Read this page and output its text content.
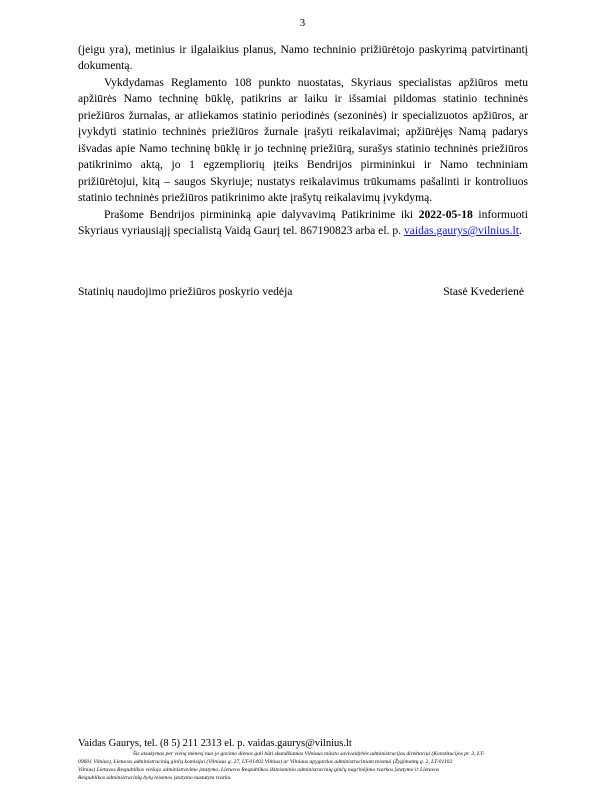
3

(jeigu yra), metinius ir ilgalaikius planus, Namo techninio prižiūrėtojo paskyrimą patvirtinantį dokumentą.

Vykdydamas Reglamento 108 punkto nuostatas, Skyriaus specialistas apžiūros metu apžiūrės Namo techninę būklę, patikrins ar laiku ir išsamiai pildomas statinio techninės priežiūros žurnalas, ar atliekamos statinio periodinės (sezoninės) ir specializuotos apžiūros, ar įvykdyti statinio techninės priežiūros žurnale įrašyti reikalavimai; apžiūrėjęs Namą padarys išvadas apie Namo techninę būklę ir jo techninę priežiūrą, surašys statinio techninės priežiūros patikrinimo aktą, jo 1 egzempliorių įteiks Bendrijos pirmininkui ir Namo techniniam prižiūrėtojui, kitą – saugos Skyriuje; nustatys reikalavimus trūkumams pašalinti ir kontroliuos statinio techninės priežiūros patikrinimo akte įrašytų reikalavimų įvykdymą.

Prašome Bendrijos pirmininką apie dalyvavimą Patikrinime iki 2022-05-18 informuoti Skyriaus vyriausiąjį specialistą Vaidą Gaurį tel. 867190823 arba el. p. vaidas.gaurys@vilnius.lt.

Statinių naudojimo priežiūros poskyrio vedėja	Stasė Kvederienė
Vaidas Gaurys, tel. (8 5) 211 2313 el. p. vaidas.gaurys@vilnius.lt
Šis atsakymas per vieną mėnesį nuo jo gavimo dienos gali būti skundžiamas Vilniaus miesto savivaldybės administracijos direktoriui (Konstitucijos pr. 3, LT-
09601 Vilnius), Lietuvos administracinių ginčų komisijai (Vilniaus g. 27, LT-01402 Vilnius) ar Vilniaus apygardos administraciniam teismui (Žygimantų g. 2, LT-01102
Vilnius) Lietuvos Respublikos viešojo administravimo įstatymo, Lietuvos Respublikos ikiteisminio administracinių ginčų nagrinėjimo tvarkos įstatymo ir Lietuvos
Respublikos administracinių bylų teisenos įstatymo nustatyta tvarka.
